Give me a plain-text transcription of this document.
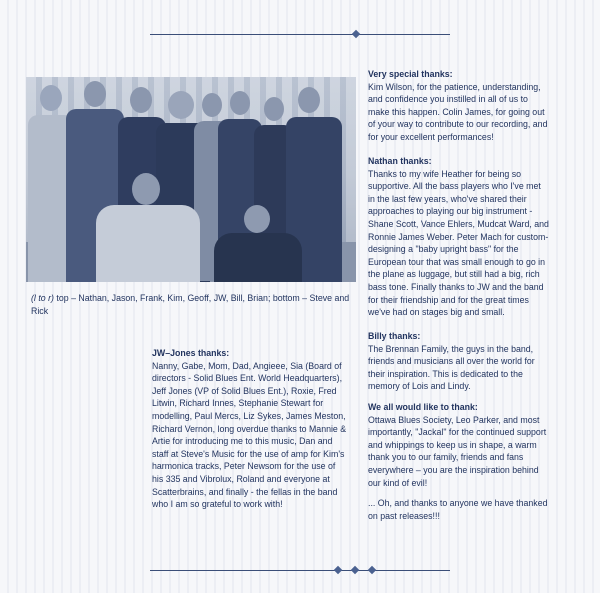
(l to r) top – Nathan, Jason, Frank, Kim, Geoff, JW, Bill, Brian; bottom – Steve and Rick
Very special thanks:
Kim Wilson, for the patience, understanding, and confidence you instilled in all of us to make this happen. Colin James, for going out of your way to contribute to our recording, and for your excellent performances!
Nathan thanks:
Thanks to my wife Heather for being so supportive. All the bass players who I've met in the last few years, who've shared their approaches to playing our big instrument - Shane Scott, Vance Ehlers, Mudcat Ward, and Ronnie James Weber. Peter Mach for custom-designing a "baby upright bass" for the European tour that was small enough to go in the plane as luggage, but still had a big, rich bass tone. Finally thanks to JW and the band for their friendship and for the great times we've had on stages big and small.
Billy thanks:
The Brennan Family, the guys in the band, friends and musicians all over the world for their inspiration. This is dedicated to the memory of Lois and Lindy.
We all would like to thank:
Ottawa Blues Society, Leo Parker, and most importantly, "Jackal" for the continued support and whippings to keep us in shape, a warm thank you to our family, friends and fans everywhere – you are the inspiration behind our kind of evil!
... Oh, and thanks to anyone we have thanked on past releases!!!
JW–Jones thanks:
Nanny, Gabe, Mom, Dad, Angieee, Sia (Board of directors - Solid Blues Ent. World Headquarters), Jeff Jones (VP of Solid Blues Ent.), Roxie, Fred Litwin, Richard Innes, Stephanie Stewart for modelling, Paul Mercs, Liz Sykes, James Meston, Richard Vernon, long overdue thanks to Mannie & Artie for introducing me to this music, Dan and staff at Steve's Music for the use of amp for Kim's harmonica tracks, Peter Newsom for the use of his 335 and Vibrolux, Roland and everyone at Scatterbrains, and finally - the fellas in the band who I am so grateful to work with!
